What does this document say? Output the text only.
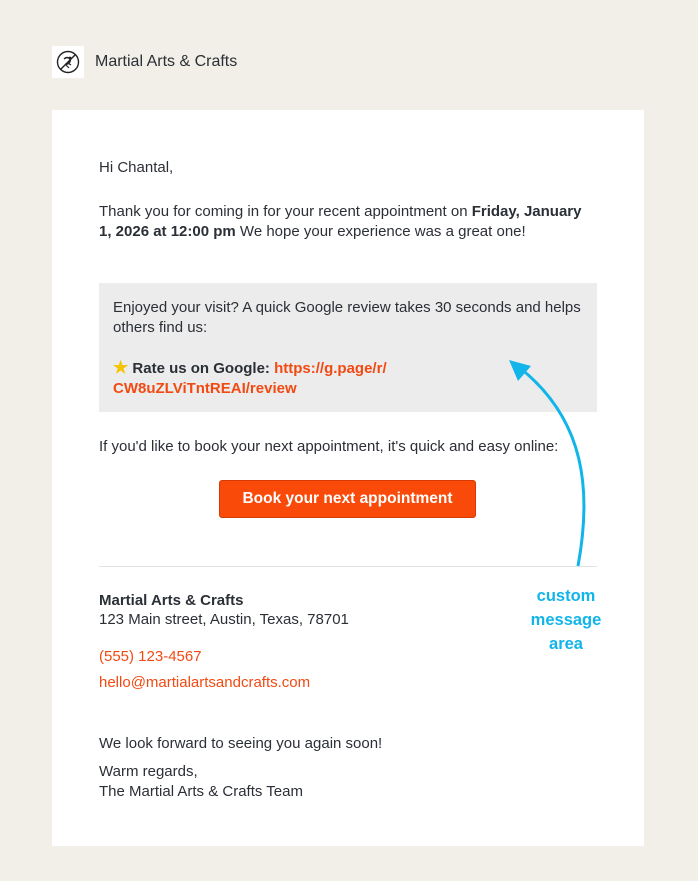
Martial Arts & Crafts

Hi Chantal,

Thank you for coming in for your recent appointment on Friday, January 1, 2026 at 12:00 pm We hope your experience was a great one!

Enjoyed your visit? A quick Google review takes 30 seconds and helps others find us:

★ Rate us on Google: https://g.page/r/
CW8uZLViTntREAI/review

If you'd like to book your next appointment, it's quick and easy online:

Book your next appointment

Martial Arts & Crafts

123 Main street, Austin, Texas, 78701

(555) 123-4567

hello@martialartsandcrafts.com

We look forward to seeing you again soon!

Warm regards,
The Martial Arts & Crafts Team

custom
message
area
